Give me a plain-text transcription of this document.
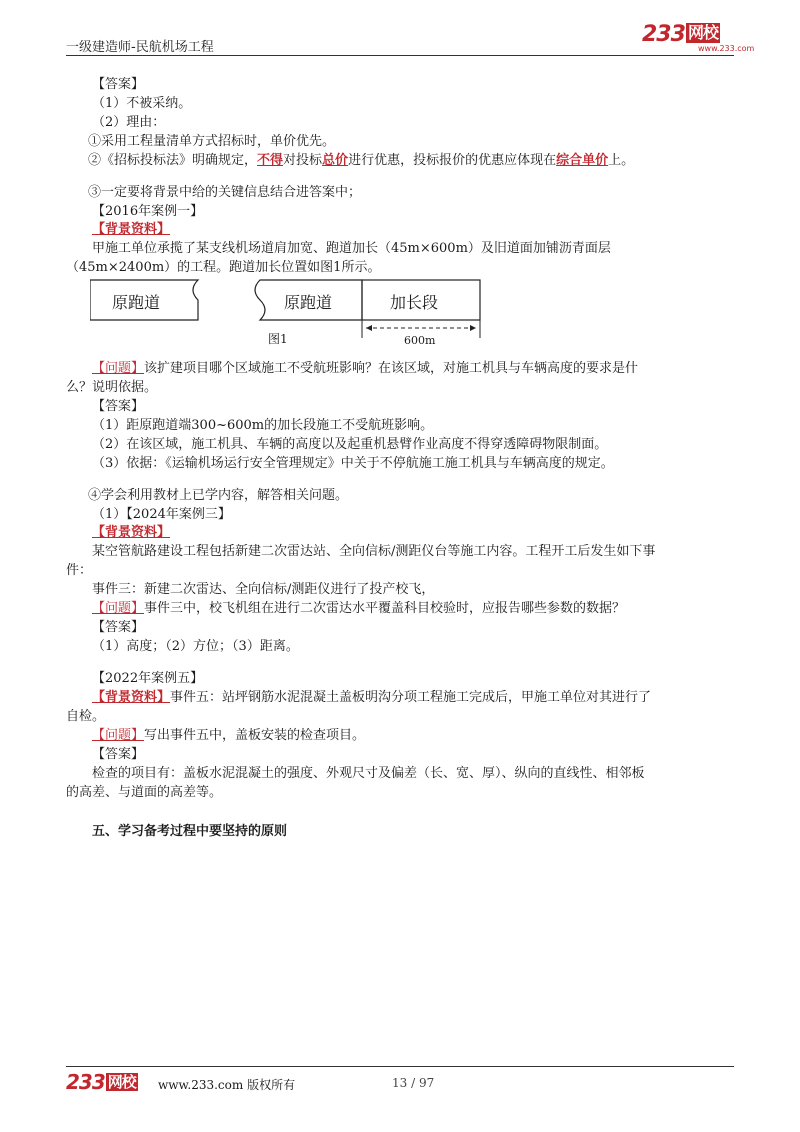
一级建造师-民航机场工程
233 网校
www.233.com
【答案】
（1）不被采纳。
（2）理由：
①采用工程量清单方式招标时，单价优先。
②《招标投标法》明确规定，不得对投标总价进行优惠，投标报价的优惠应体现在综合单价上。
③一定要将背景中给的关键信息结合进答案中；
【2016年案例一】
【背景资料】
甲施工单位承揽了某支线机场道肩加宽、跑道加长（45m×600m）及旧道面加铺沥青面层
（45m×2400m）的工程。跑道加长位置如图1所示。
原跑道	原跑道	加长段
图1	600m
【问题】该扩建项目哪个区域施工不受航班影响？在该区域，对施工机具与车辆高度的要求是什
么？说明依据。
【答案】
（1）距原跑道端300~600m的加长段施工不受航班影响。
（2）在该区域，施工机具、车辆的高度以及起重机悬臂作业高度不得穿透障碍物限制面。
（3）依据：《运输机场运行安全管理规定》中关于不停航施工施工机具与车辆高度的规定。
④学会利用教材上已学内容，解答相关问题。
（1）【2024年案例三】
【背景资料】
某空管航路建设工程包括新建二次雷达站、全向信标/测距仪台等施工内容。工程开工后发生如下事
件：
事件三：新建二次雷达、全向信标/测距仪进行了投产校飞，
【问题】事件三中，校飞机组在进行二次雷达水平覆盖科目校验时，应报告哪些参数的数据？
【答案】
（1）高度；（2）方位；（3）距离。
【2022年案例五】
【背景资料】事件五：站坪钢筋水泥混凝土盖板明沟分项工程施工完成后，甲施工单位对其进行了
自检。
【问题】写出事件五中，盖板安装的检查项目。
【答案】
检查的项目有：盖板水泥混凝土的强度、外观尺寸及偏差（长、宽、厚）、纵向的直线性、相邻板
的高差、与道面的高差等。
五、学习备考过程中要坚持的原则
233 网校 www.233.com 版权所有	13 / 97
